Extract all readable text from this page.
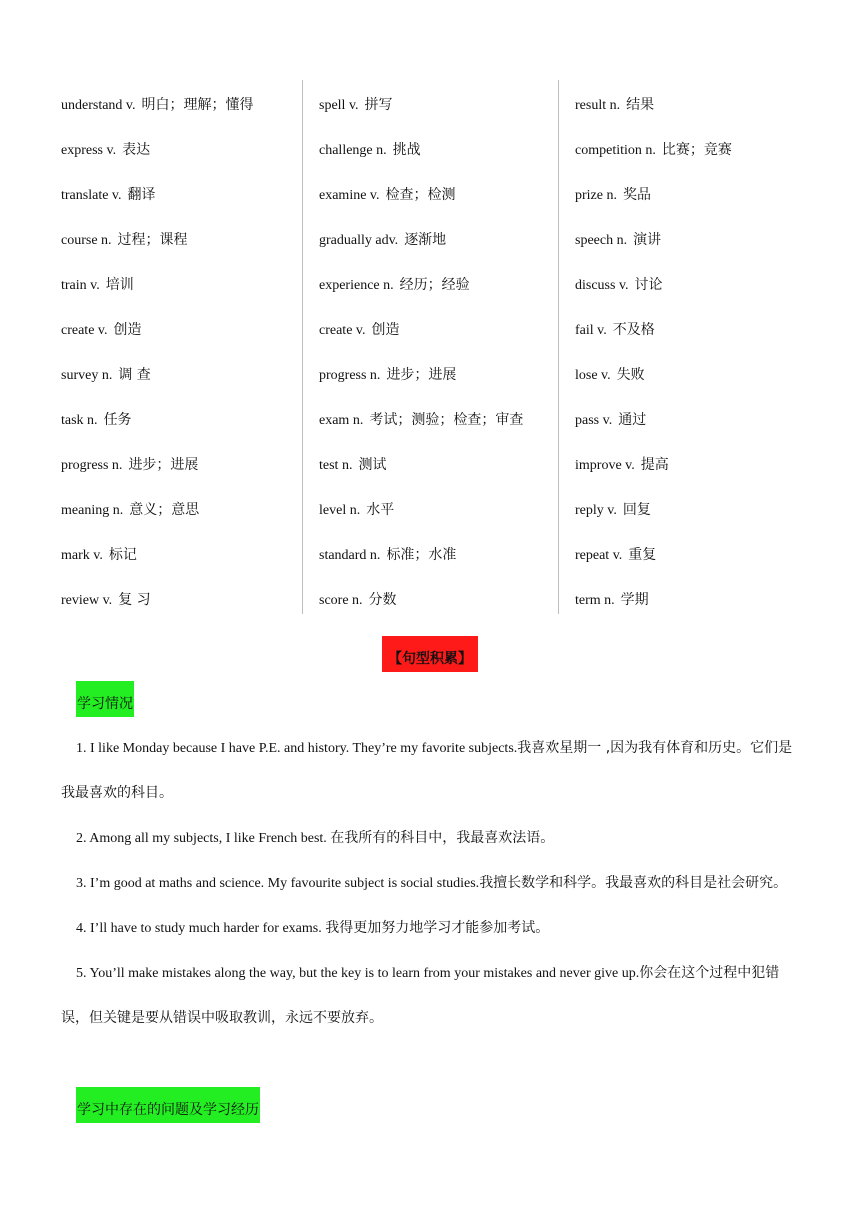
understand v. 明白；理解；懂得
express v. 表达
translate v. 翻译
course n. 过程；课程
train v. 培训
create v. 创造
survey n. 调 查
task n. 任务
progress n. 进步；进展
meaning n. 意义；意思
mark v. 标记
review v. 复 习
spell v. 拼写
challenge n. 挑战
examine v. 检查；检测
gradually adv. 逐渐地
experience n. 经历；经验
create v. 创造
progress n. 进步；进展
exam n. 考试；测验；检查；审查
test n. 测试
level n. 水平
standard n. 标准；水准
score n. 分数
result n. 结果
competition n. 比赛；竞赛
prize n. 奖品
speech n. 演讲
discuss v. 讨论
fail v. 不及格
lose v. 失败
pass v. 通过
improve v. 提高
reply v. 回复
repeat v. 重复
term n. 学期
【句型积累】
学习情况

1. I like Monday because I have P.E. and history. They’re my favorite subjects.我喜欢星期一 ,因为我有体育和历史。它们是我最喜欢的科目。

2. Among all my subjects, I like French best. 在我所有的科目中，我最喜欢法语。

3. I’m good at maths and science. My favourite subject is social studies.我擅长数学和科学。我最喜欢的科目是社会研究。

4. I’ll have to study much harder for exams. 我得更加努力地学习才能参加考试。

5. You’ll make mistakes along the way, but the key is to learn from your mistakes and never give up.你会在这个过程中犯错误，但关键是要从错误中吸取教训，永远不要放弃。

学习中存在的问题及学习经历
